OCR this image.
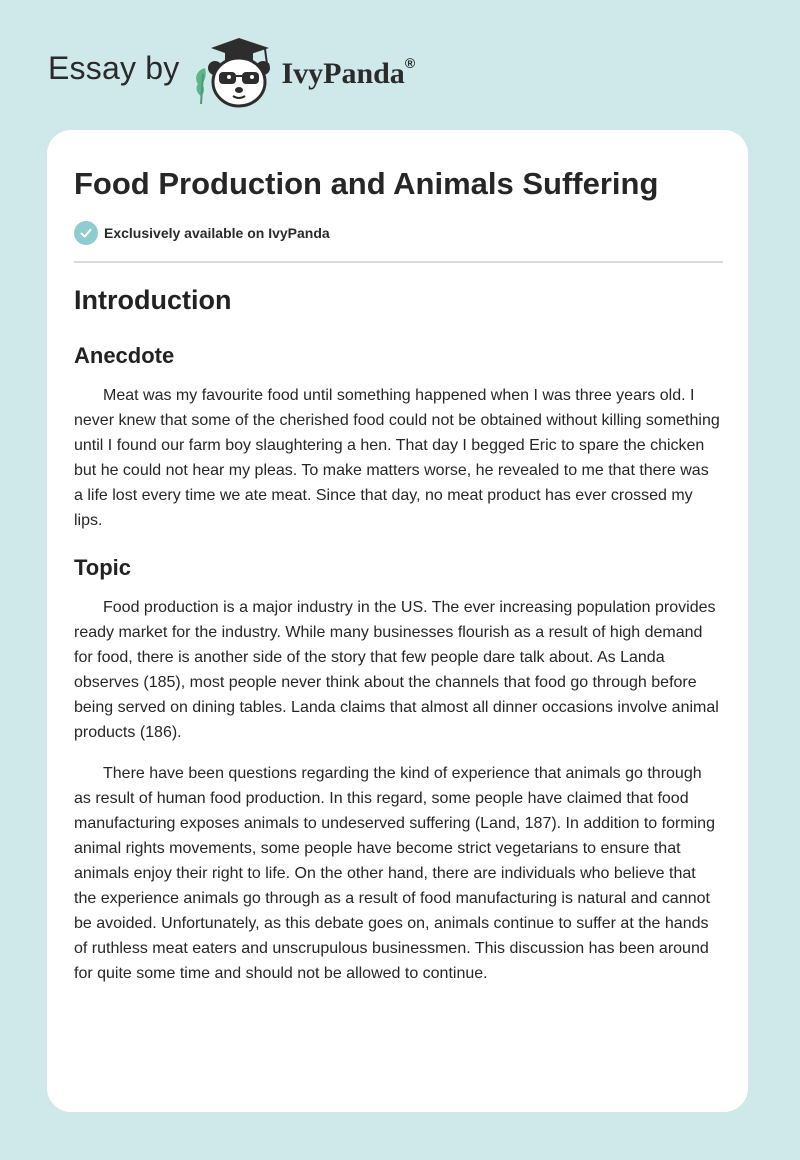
Essay by	IvyPanda®
Food Production and Animals Suffering
Exclusively available on IvyPanda
Introduction
Anecdote

Meat was my favourite food until something happened when I was three years old. I never knew that some of the cherished food could not be obtained without killing something until I found our farm boy slaughtering a hen. That day I begged Eric to spare the chicken but he could not hear my pleas. To make matters worse, he revealed to me that there was a life lost every time we ate meat. Since that day, no meat product has ever crossed my lips.

Topic

Food production is a major industry in the US. The ever increasing population provides ready market for the industry. While many businesses flourish as a result of high demand for food, there is another side of the story that few people dare talk about. As Landa observes (185), most people never think about the channels that food go through before being served on dining tables. Landa claims that almost all dinner occasions involve animal products (186).

There have been questions regarding the kind of experience that animals go through as result of human food production. In this regard, some people have claimed that food manufacturing exposes animals to undeserved suffering (Land, 187). In addition to forming animal rights movements, some people have become strict vegetarians to ensure that animals enjoy their right to life. On the other hand, there are individuals who believe that the experience animals go through as a result of food manufacturing is natural and cannot be avoided. Unfortunately, as this debate goes on, animals continue to suffer at the hands of ruthless meat eaters and unscrupulous businessmen. This discussion has been around for quite some time and should not be allowed to continue.
